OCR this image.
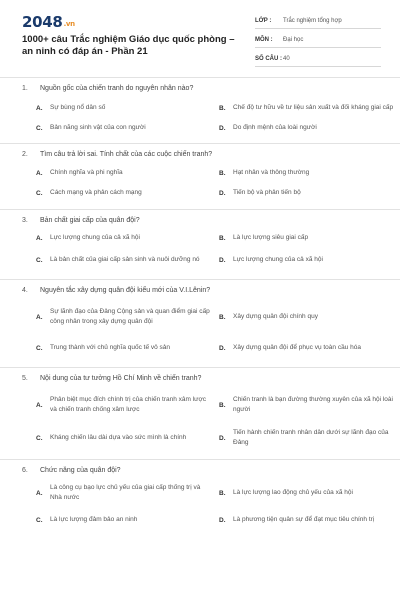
2048.vn
1000+ câu Trắc nghiệm Giáo dục quốc phòng – an ninh có đáp án - Phần 21
LỚP :	Trắc nghiệm tổng hợp
MÔN :	Đại học
SỐ CÂU : 40
1.	Nguồn gốc của chiến tranh do nguyên nhân nào?
A.	Sự bùng nổ dân số	B.	Chế độ tư hữu về tư liệu sản xuất và đối kháng giai cấp
C.	Bản năng sinh vật của con người	D.	Do định mệnh của loài người
2.	Tìm câu trả lời sai. Tính chất của các cuộc chiến tranh?
A.	Chính nghĩa và phi nghĩa	B.	Hạt nhân và thông thường
C.	Cách mạng và phản cách mạng	D.	Tiến bộ và phản tiến bộ
3.	Bản chất giai cấp của quân đội?
A.	Lực lượng chung của cả xã hội	B.	Là lực lượng siêu giai cấp
C.	Là bản chất của giai cấp sản sinh và nuôi dưỡng nó	D.	Lực lượng chung của cả xã hội
4.	Nguyên tắc xây dựng quân đội kiểu mới của V.I.Lênin?
A.
Sự lãnh đạo của Đảng Cộng sản và quan điểm giai cấp công nhân trong xây dựng quân đội
B.	Xây dựng quân đội chính quy
C.	Trung thành với chủ nghĩa quốc tế vô sản	D.	Xây dựng quân đội để phục vụ toàn cầu hóa
5.	Nội dung của tư tưởng Hồ Chí Minh về chiến tranh?
A.
Phân biệt mục đích chính trị của chiến tranh xâm lược và chiến tranh chống xâm lược
B.
Chiến tranh là bạn đường thường xuyên của xã hội loài người
C.	Kháng chiến lâu dài dựa vào sức mình là chính	D.
Tiến hành chiến tranh nhân dân dưới sự lãnh đạo của Đảng
6.	Chức năng của quân đội?
A.
Là công cụ bạo lực chủ yếu của giai cấp thống trị và Nhà nước
B.	Là lực lượng lao động chủ yếu của xã hội
C.	Là lực lượng đảm bảo an ninh	D.	Là phương tiện quân sự để đạt mục tiêu chính trị
